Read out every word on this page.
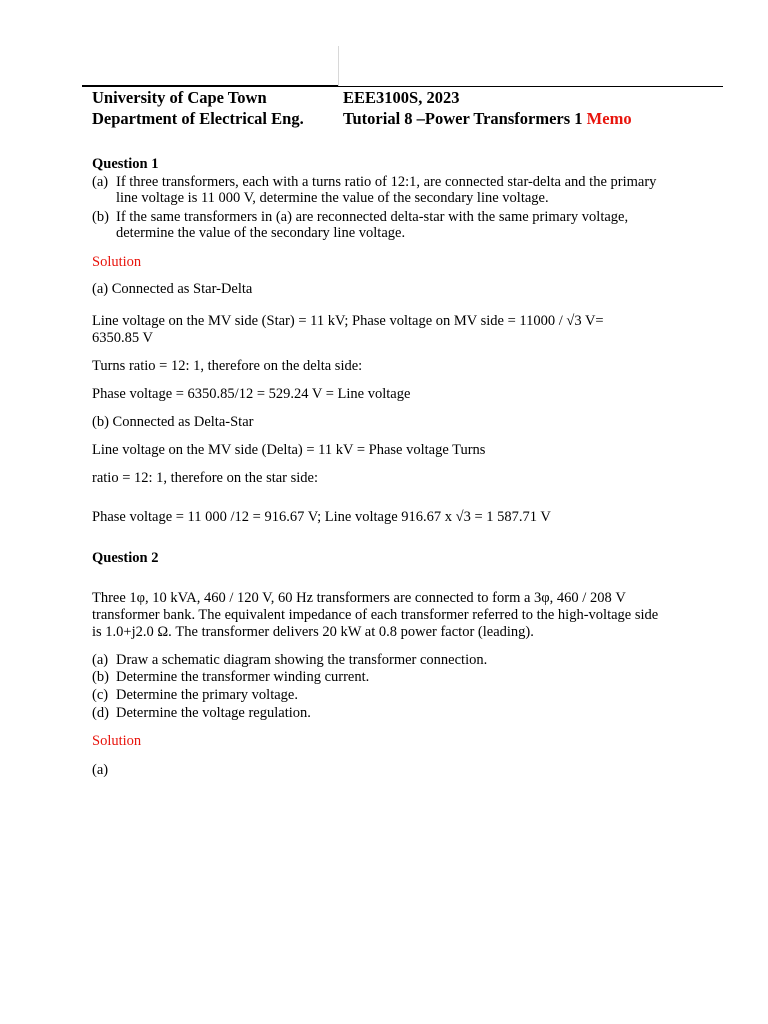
University of Cape Town
Department of Electrical Eng.
EEE3100S, 2023
Tutorial 8 –Power Transformers 1 Memo
Question 1
(a) If three transformers, each with a turns ratio of 12:1, are connected star-delta and the primary
line voltage is 11 000 V, determine the value of the secondary line voltage.
(b) If the same transformers in (a) are reconnected delta-star with the same primary voltage,
determine the value of the secondary line voltage.
Solution
(a) Connected as Star-Delta
Line voltage on the MV side (Star) = 11 kV; Phase voltage on MV side = 11000 / √3 V=
6350.85 V
Turns ratio = 12: 1, therefore on the delta side:
Phase voltage = 6350.85/12 = 529.24 V = Line voltage
(b) Connected as Delta-Star
Line voltage on the MV side (Delta) = 11 kV = Phase voltage Turns
ratio = 12: 1, therefore on the star side:
Phase voltage = 11 000 /12 = 916.67 V; Line voltage 916.67 x √3 = 1 587.71 V
Question 2
Three 1φ, 10 kVA, 460 / 120 V, 60 Hz transformers are connected to form a 3φ, 460 / 208 V
transformer bank. The equivalent impedance of each transformer referred to the high-voltage side
is 1.0+j2.0 Ω. The transformer delivers 20 kW at 0.8 power factor (leading).
(a) Draw a schematic diagram showing the transformer connection.
(b) Determine the transformer winding current.
(c) Determine the primary voltage.
(d) Determine the voltage regulation.
Solution
(a)
